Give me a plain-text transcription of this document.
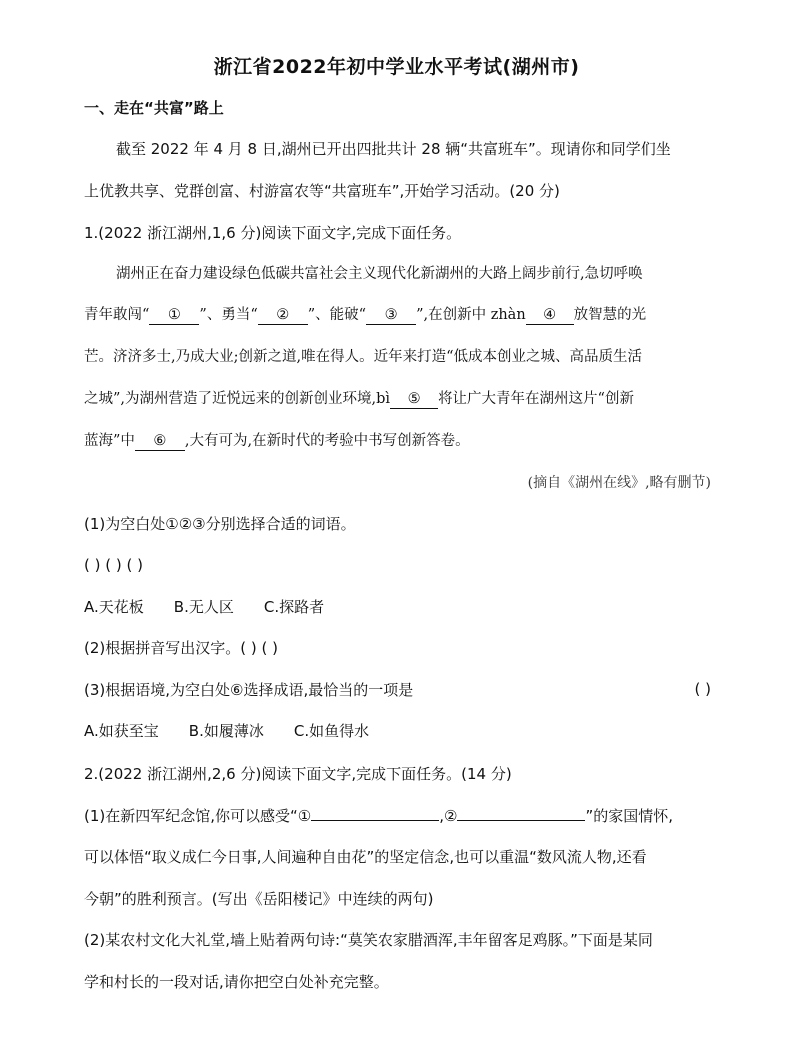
浙江省2022年初中学业水平考试(湖州市)
一、走在“共富”路上
截至 2022 年 4 月 8 日,湖州已开出四批共计 28 辆“共富班车”。现请你和同学们坐
上优教共享、党群创富、村游富农等“共富班车”,开始学习活动。(20 分)
1.(2022 浙江湖州,1,6 分)阅读下面文字,完成下面任务。
湖州正在奋力建设绿色低碳共富社会主义现代化新湖州的大路上阔步前行,急切呼唤
青年敢闯“ ① ”、勇当“ ② ”、能破“ ③ ”,在创新中 zhàn ④ 放智慧的光
芒。济济多士,乃成大业;创新之道,唯在得人。近年来打造“低成本创业之城、高品质生活
之城”,为湖州营造了近悦远来的创新创业环境,bì ⑤ 将让广大青年在湖州这片“创新
蓝海”中 ⑥ ,大有可为,在新时代的考验中书写创新答卷。
(摘自《湖州在线》,略有删节)
(1)为空白处①②③分别选择合适的词语。
( ) ( ) ( )
A.天花板 B.无人区 C.探路者
(2)根据拼音写出汉字。( ) ( )
(3)根据语境,为空白处⑥选择成语,最恰当的一项是	( )
A.如获至宝 B.如履薄冰 C.如鱼得水
2.(2022 浙江湖州,2,6 分)阅读下面文字,完成下面任务。(14 分)
(1)在新四军纪念馆,你可以感受“①	,②	”的家国情怀,
可以体悟“取义成仁今日事,人间遍种自由花”的坚定信念,也可以重温“数风流人物,还看
今朝”的胜利预言。(写出《岳阳楼记》中连续的两句)
(2)某农村文化大礼堂,墙上贴着两句诗:“莫笑农家腊酒浑,丰年留客足鸡豚。”下面是某同
学和村长的一段对话,请你把空白处补充完整。
